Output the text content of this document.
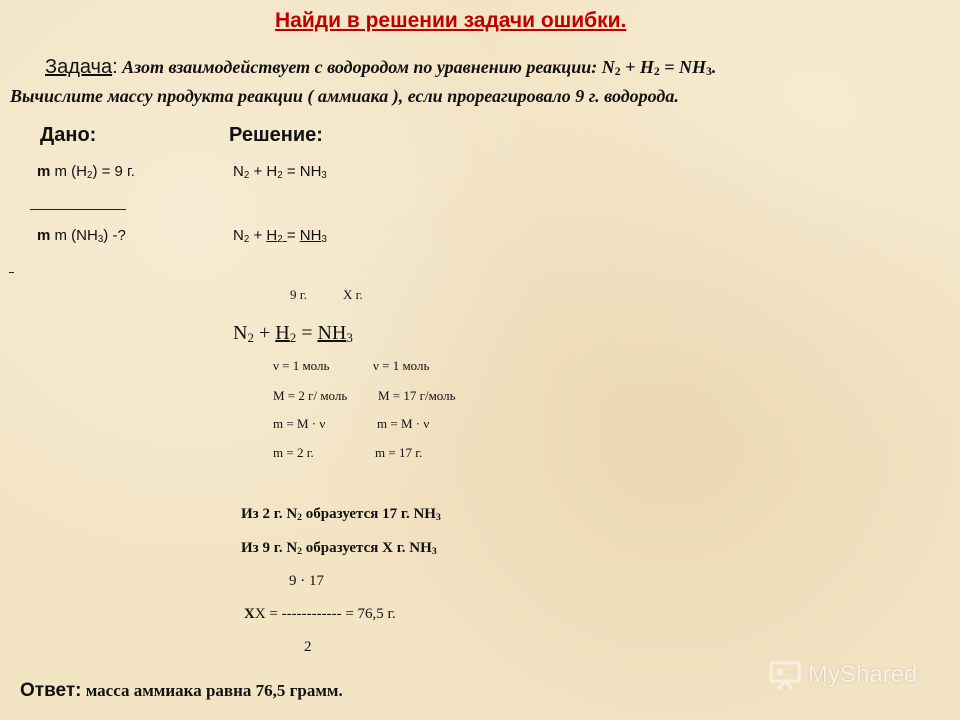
Найди в решении задачи ошибки.
Задача: Азот взаимодействует с водородом по уравнению реакции: $N_2 + H_2 = NH_3$.
Вычислите массу продукта реакции ( аммиака ), если прореагировало 9 г. водорода.
Дано:	Решение:
m m $(H_2) = 9$ г.	$N_2 + H_2 = NH_3$
m m $(NH_3)$ -?	$N_2 + H_2 = NH_3$
9 г.	X г.
$N_2 + H_2 = NH_3$
ν = 1 моль	ν = 1 моль
M = 2 г/ моль M = 17 г/моль
m = M · ν	m = M · ν
m = 2 г.	m = 17 г.
Из 2 г. $N_2$ образуется 17 г. $NH_3$
Из 9 г. $N_2$ образуется X г. $NH_3$
9 · 17
XX = ------------ = 76,5 г.
2
Ответ: масса аммиака равна 76,5 грамм.
MyShared
